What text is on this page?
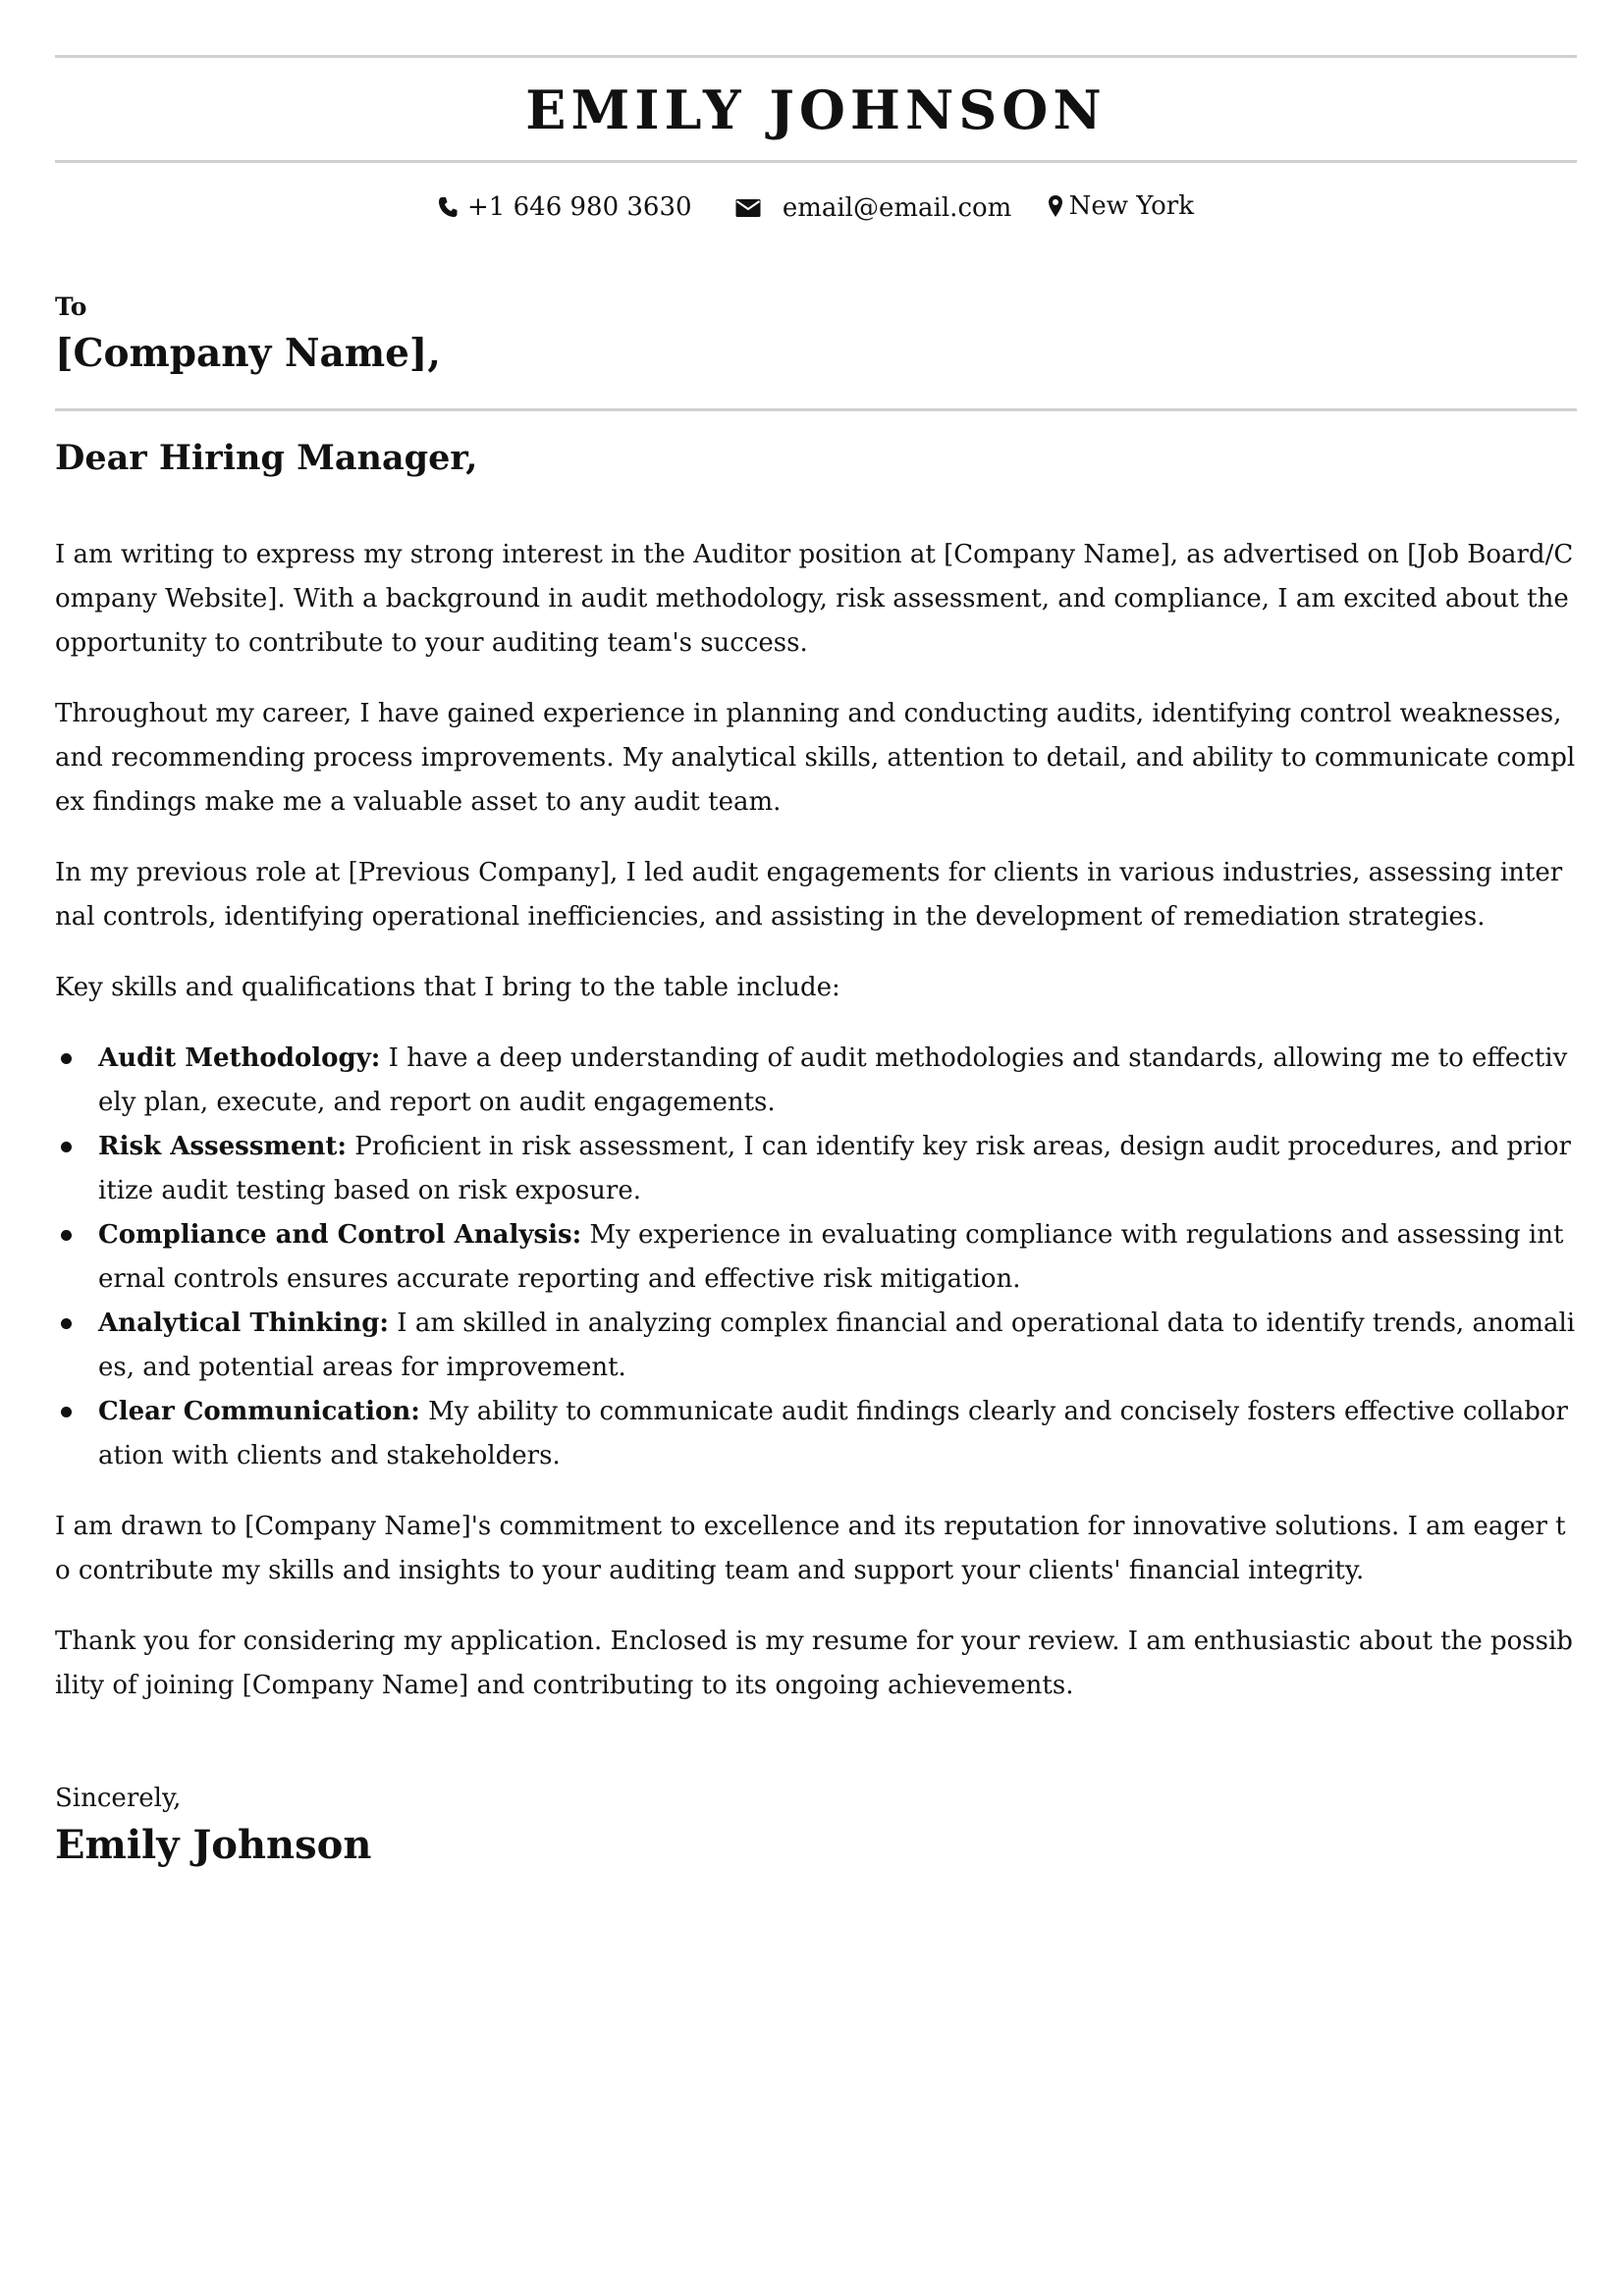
EMILY JOHNSON
+1 646 980 3630
	email@email.com
New York
To
[Company Name],
Dear Hiring Manager,

I am writing to express my strong interest in the Auditor position at [Company Name], as advertised on [Job Board/Company Website]. With a background in audit methodology, risk assessment, and compliance, I am excited about the opportunity to contribute to your auditing team's success.

Throughout my career, I have gained experience in planning and conducting audits, identifying control weaknesses, and recommending process improvements. My analytical skills, attention to detail, and ability to communicate complex findings make me a valuable asset to any audit team.

In my previous role at [Previous Company], I led audit engagements for clients in various industries, assessing internal controls, identifying operational inefficiencies, and assisting in the development of remediation strategies.

Key skills and qualifications that I bring to the table include:

Audit Methodology: I have a deep understanding of audit methodologies and standards, allowing me to effectively plan, execute, and report on audit engagements.
Risk Assessment: Proficient in risk assessment, I can identify key risk areas, design audit procedures, and prioritize audit testing based on risk exposure.
Compliance and Control Analysis: My experience in evaluating compliance with regulations and assessing internal controls ensures accurate reporting and effective risk mitigation.
Analytical Thinking: I am skilled in analyzing complex financial and operational data to identify trends, anomalies, and potential areas for improvement.
Clear Communication: My ability to communicate audit findings clearly and concisely fosters effective collaboration with clients and stakeholders.

I am drawn to [Company Name]'s commitment to excellence and its reputation for innovative solutions. I am eager to contribute my skills and insights to your auditing team and support your clients' financial integrity.

Thank you for considering my application. Enclosed is my resume for your review. I am enthusiastic about the possibility of joining [Company Name] and contributing to its ongoing achievements.

Sincerely,
Emily Johnson
